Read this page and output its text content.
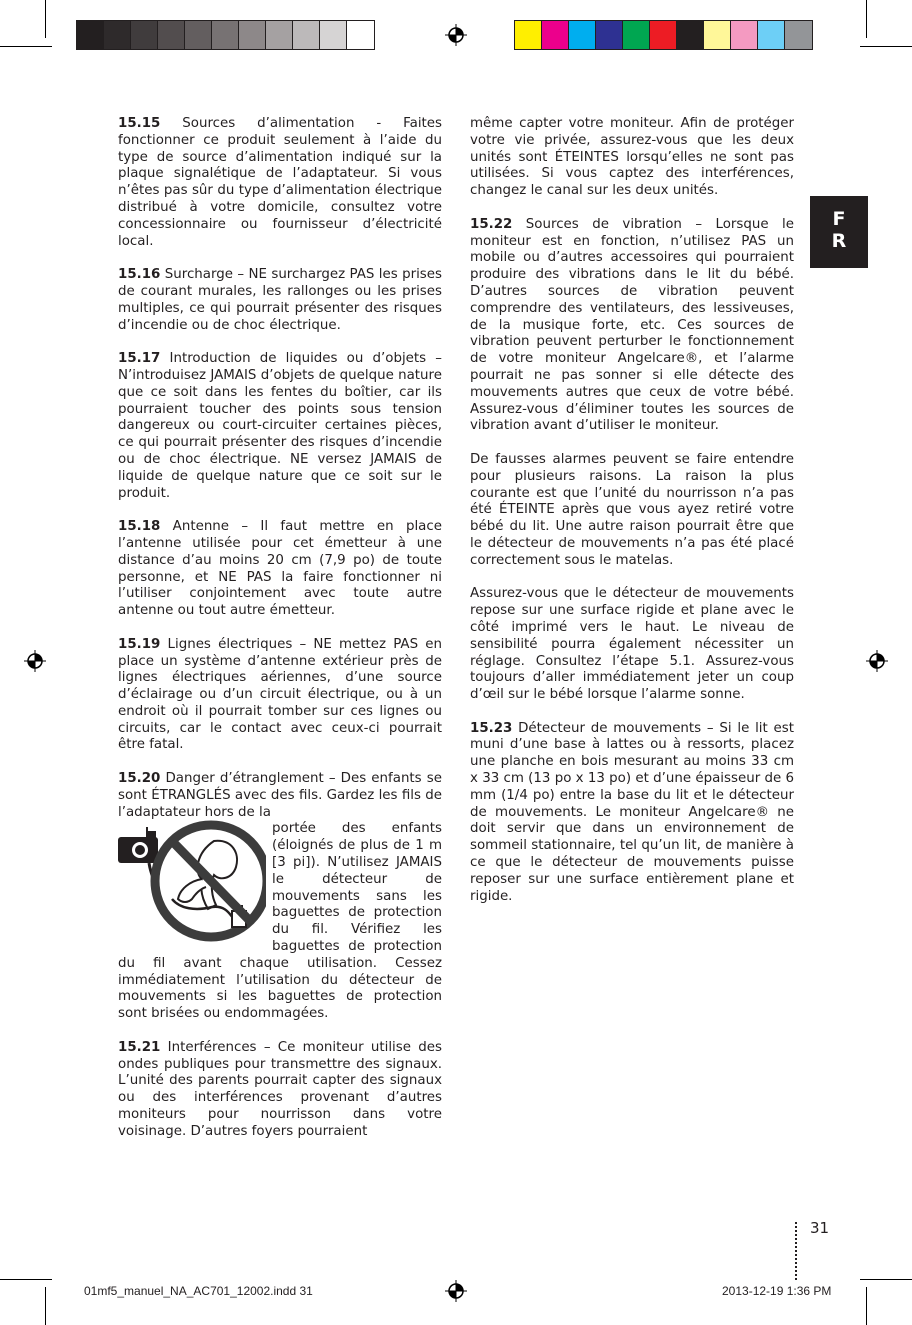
F
R

15.15 Sources d’alimentation - Faites fonctionner ce produit seulement à l’aide du type de source d’alimentation indiqué sur la plaque signalétique de l’adaptateur. Si vous n’êtes pas sûr du type d’alimentation électrique distribué à votre domicile, consultez votre concessionnaire ou fournisseur d’électricité local.

15.16 Surcharge – NE surchargez PAS les prises de courant murales, les rallonges ou les prises multiples, ce qui pourrait présenter des risques d’incendie ou de choc électrique.

15.17 Introduction de liquides ou d’objets – N’introduisez JAMAIS d’objets de quelque nature que ce soit dans les fentes du boîtier, car ils pourraient toucher des points sous tension dangereux ou court-circuiter certaines pièces, ce qui pourrait présenter des risques d’incendie ou de choc électrique. NE versez JAMAIS de liquide de quelque nature que ce soit sur le produit.

15.18 Antenne – Il faut mettre en place l’antenne utilisée pour cet émetteur à une distance d’au moins 20 cm (7,9 po) de toute personne, et NE PAS la faire fonctionner ni l’utiliser conjointement avec toute autre antenne ou tout autre émetteur.

15.19 Lignes électriques – NE mettez PAS en place un système d’antenne extérieur près de lignes électriques aériennes, d’une source d’éclairage ou d’un circuit électrique, ou à un endroit où il pourrait tomber sur ces lignes ou circuits, car le contact avec ceux-ci pourrait être fatal.

15.20 Danger d’étranglement – Des enfants se sont ÉTRANGLÉS avec des fils. Gardez les fils de l’adaptateur hors de la

portée des enfants (éloignés de plus de 1 m [3 pi]). N’utilisez JAMAIS le détecteur de mouvements sans les baguettes de protection du fil. Vérifiez les baguettes de protection du fil avant chaque utilisation. Cessez immédiatement l’utilisation du détecteur de mouvements si les baguettes de protection sont brisées ou endommagées.

15.21 Interférences – Ce moniteur utilise des ondes publiques pour transmettre des signaux. L’unité des parents pourrait capter des signaux ou des interférences provenant d’autres moniteurs pour nourrisson dans votre voisinage. D’autres foyers pourraient

même capter votre moniteur. Afin de protéger votre vie privée, assurez-vous que les deux unités sont ÉTEINTES lorsqu’elles ne sont pas utilisées. Si vous captez des interférences, changez le canal sur les deux unités.

15.22 Sources de vibration – Lorsque le moniteur est en fonction, n’utilisez PAS un mobile ou d’autres accessoires qui pourraient produire des vibrations dans le lit du bébé. D’autres sources de vibration peuvent comprendre des ventilateurs, des lessiveuses, de la musique forte, etc. Ces sources de vibration peuvent perturber le fonctionnement de votre moniteur Angelcare®, et l’alarme pourrait ne pas sonner si elle détecte des mouvements autres que ceux de votre bébé. Assurez-vous d’éliminer toutes les sources de vibration avant d’utiliser le moniteur.

De fausses alarmes peuvent se faire entendre pour plusieurs raisons. La raison la plus courante est que l’unité du nourrisson n’a pas été ÉTEINTE après que vous ayez retiré votre bébé du lit. Une autre raison pourrait être que le détecteur de mouvements n’a pas été placé correctement sous le matelas.

Assurez-vous que le détecteur de mouvements repose sur une surface rigide et plane avec le côté imprimé vers le haut. Le niveau de sensibilité pourra également nécessiter un réglage. Consultez l’étape 5.1. Assurez-vous toujours d’aller immédiatement jeter un coup d’œil sur le bébé lorsque l’alarme sonne.

15.23 Détecteur de mouvements – Si le lit est muni d’une base à lattes ou à ressorts, placez une planche en bois mesurant au moins 33 cm x 33 cm (13 po x 13 po) et d’une épaisseur de 6 mm (1/4 po) entre la base du lit et le détecteur de mouvements. Le moniteur Angelcare® ne doit servir que dans un environnement de sommeil stationnaire, tel qu’un lit, de manière à ce que le détecteur de mouvements puisse reposer sur une surface entièrement plane et rigide.

31
01mf5_manuel_NA_AC701_12002.indd 31	2013-12-19 1:36 PM
